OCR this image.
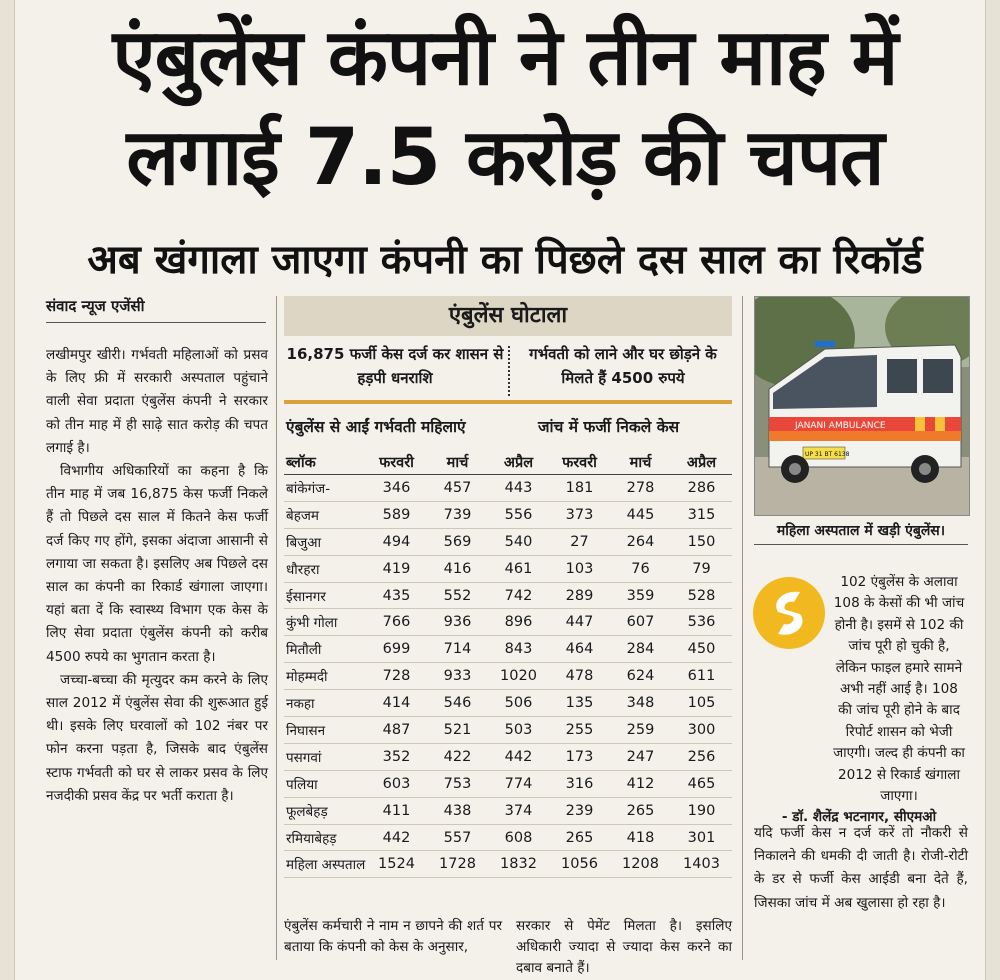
एंबुलेंस कंपनी ने तीन माह में लगाई 7.5 करोड़ की चपत
अब खंगाला जाएगा कंपनी का पिछले दस साल का रिकॉर्ड
संवाद न्यूज एजेंसी

लखीमपुर खीरी। गर्भवती महिलाओं को प्रसव के लिए फ्री में सरकारी अस्पताल पहुंचाने वाली सेवा प्रदाता एंबुलेंस कंपनी ने सरकार को तीन माह में ही साढ़े सात करोड़ की चपत लगाई है।

विभागीय अधिकारियों का कहना है कि तीन माह में जब 16,875 केस फर्जी निकले हैं तो पिछले दस साल में कितने केस फर्जी दर्ज किए गए होंगे, इसका अंदाजा आसानी से लगाया जा सकता है। इसलिए अब पिछले दस साल का कंपनी का रिकार्ड खंगाला जाएगा। यहां बता दें कि स्वास्थ्य विभाग एक केस के लिए सेवा प्रदाता एंबुलेंस कंपनी को करीब 4500 रुपये का भुगतान करता है।

जच्चा-बच्चा की मृत्युदर कम करने के लिए साल 2012 में एंबुलेंस सेवा की शुरूआत हुई थी। इसके लिए घरवालों को 102 नंबर पर फोन करना पड़ता है, जिसके बाद एंबुलेंस स्टाफ गर्भवती को घर से लाकर प्रसव के लिए नजदीकी प्रसव केंद्र पर भर्ती कराता है।

एंबुलेंस घोटाला
16,875 फर्जी केस दर्ज कर शासन से हड़पी धनराशि
गर्भवती को लाने और घर छोड़ने के मिलते हैं 4500 रुपये
एंबुलेंस से आईं गर्भवती महिलाएं	जांच में फर्जी निकले केस
ब्लॉक	फरवरी	मार्च	अप्रैल	फरवरी	मार्च	अप्रैल
बांकेगंज-	346	457	443	181	278	286
बेहजम	589	739	556	373	445	315
बिजुआ	494	569	540	27	264	150
धौरहरा	419	416	461	103	76	79
ईसानगर	435	552	742	289	359	528
कुंभी गोला	766	936	896	447	607	536
मितौली	699	714	843	464	284	450
मोहम्मदी	728	933	1020	478	624	611
नकहा	414	546	506	135	348	105
निघासन	487	521	503	255	259	300
पसगवां	352	422	442	173	247	256
पलिया	603	753	774	316	412	465
फूलबेहड़	411	438	374	239	265	190
रमियाबेहड़	442	557	608	265	418	301
महिला अस्पताल	1524	1728	1832	1056	1208	1403
एंबुलेंस कर्मचारी ने नाम न छापने की शर्त पर बताया कि कंपनी को केस के अनुसार,
सरकार से पेमेंट मिलता है। इसलिए अधिकारी ज्यादा से ज्यादा केस करने का दबाव बनाते हैं।
JANANI AMBULANCE
UP 31 BT 6138
महिला अस्पताल में खड़ी एंबुलेंस।
102 एंबुलेंस के अलावा 108 के केसों की भी जांच होनी है। इसमें से 102 की जांच पूरी हो चुकी है, लेकिन फाइल हमारे सामने अभी नहीं आई है। 108 की जांच पूरी होने के बाद रिपोर्ट शासन को भेजी जाएगी। जल्द ही कंपनी का 2012 से रिकार्ड खंगाला जाएगा।
- डॉ. शैलेंद्र भटनागर, सीएमओ
यदि फर्जी केस न दर्ज करें तो नौकरी से निकालने की धमकी दी जाती है। रोजी-रोटी के डर से फर्जी केस आईडी बना देते हैं, जिसका जांच में अब खुलासा हो रहा है।
